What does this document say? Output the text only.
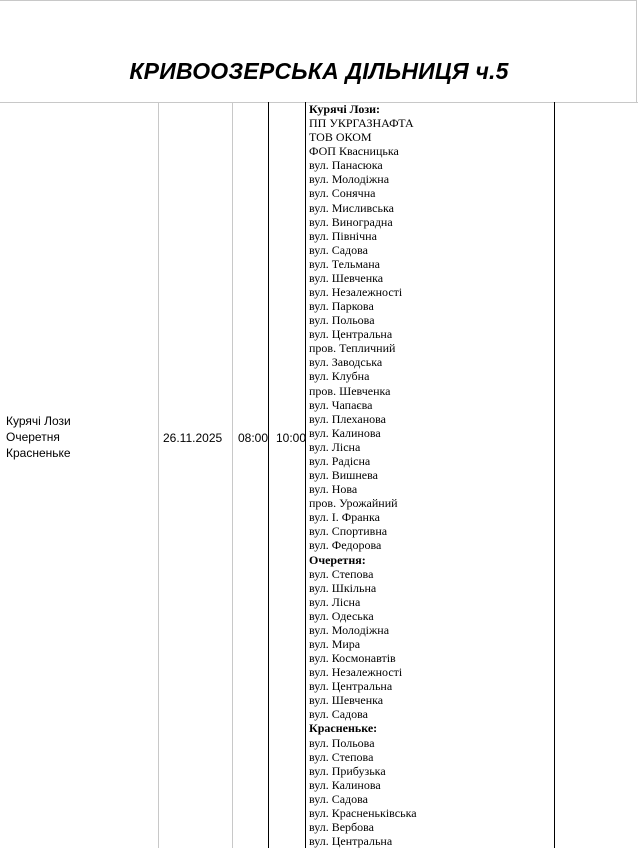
КРИВООЗЕРСЬКА ДІЛЬНИЦЯ ч.5
Курячі Лози
Очеретня
Красненьке
26.11.2025 08:00 10:00
Курячі Лози:
ПП УКРГАЗНАФТА
ТОВ ОКОМ
ФОП Квасницька
вул. Панасюка
вул. Молодіжна
вул. Сонячна
вул. Мисливська
вул. Виноградна
вул. Північна
вул. Садова
вул. Тельмана
вул. Шевченка
вул. Незалежності
вул. Паркова
вул. Польова
вул. Центральна
пров. Тепличний
вул. Заводська
вул. Клубна
пров. Шевченка
вул. Чапаєва
вул. Плеханова
вул. Калинова
вул. Лісна
вул. Радісна
вул. Вишнева
вул. Нова
пров. Урожайний
вул. І. Франка
вул. Спортивна
вул. Федорова
Очеретня:
вул. Степова
вул. Шкільна
вул. Лісна
вул. Одеська
вул. Молодіжна
вул. Мира
вул. Космонавтів
вул. Незалежності
вул. Центральна
вул. Шевченка
вул. Садова
Красненьке:
вул. Польова
вул. Степова
вул. Прибузька
вул. Калинова
вул. Садова
вул. Красненьківська
вул. Вербова
вул. Центральна
